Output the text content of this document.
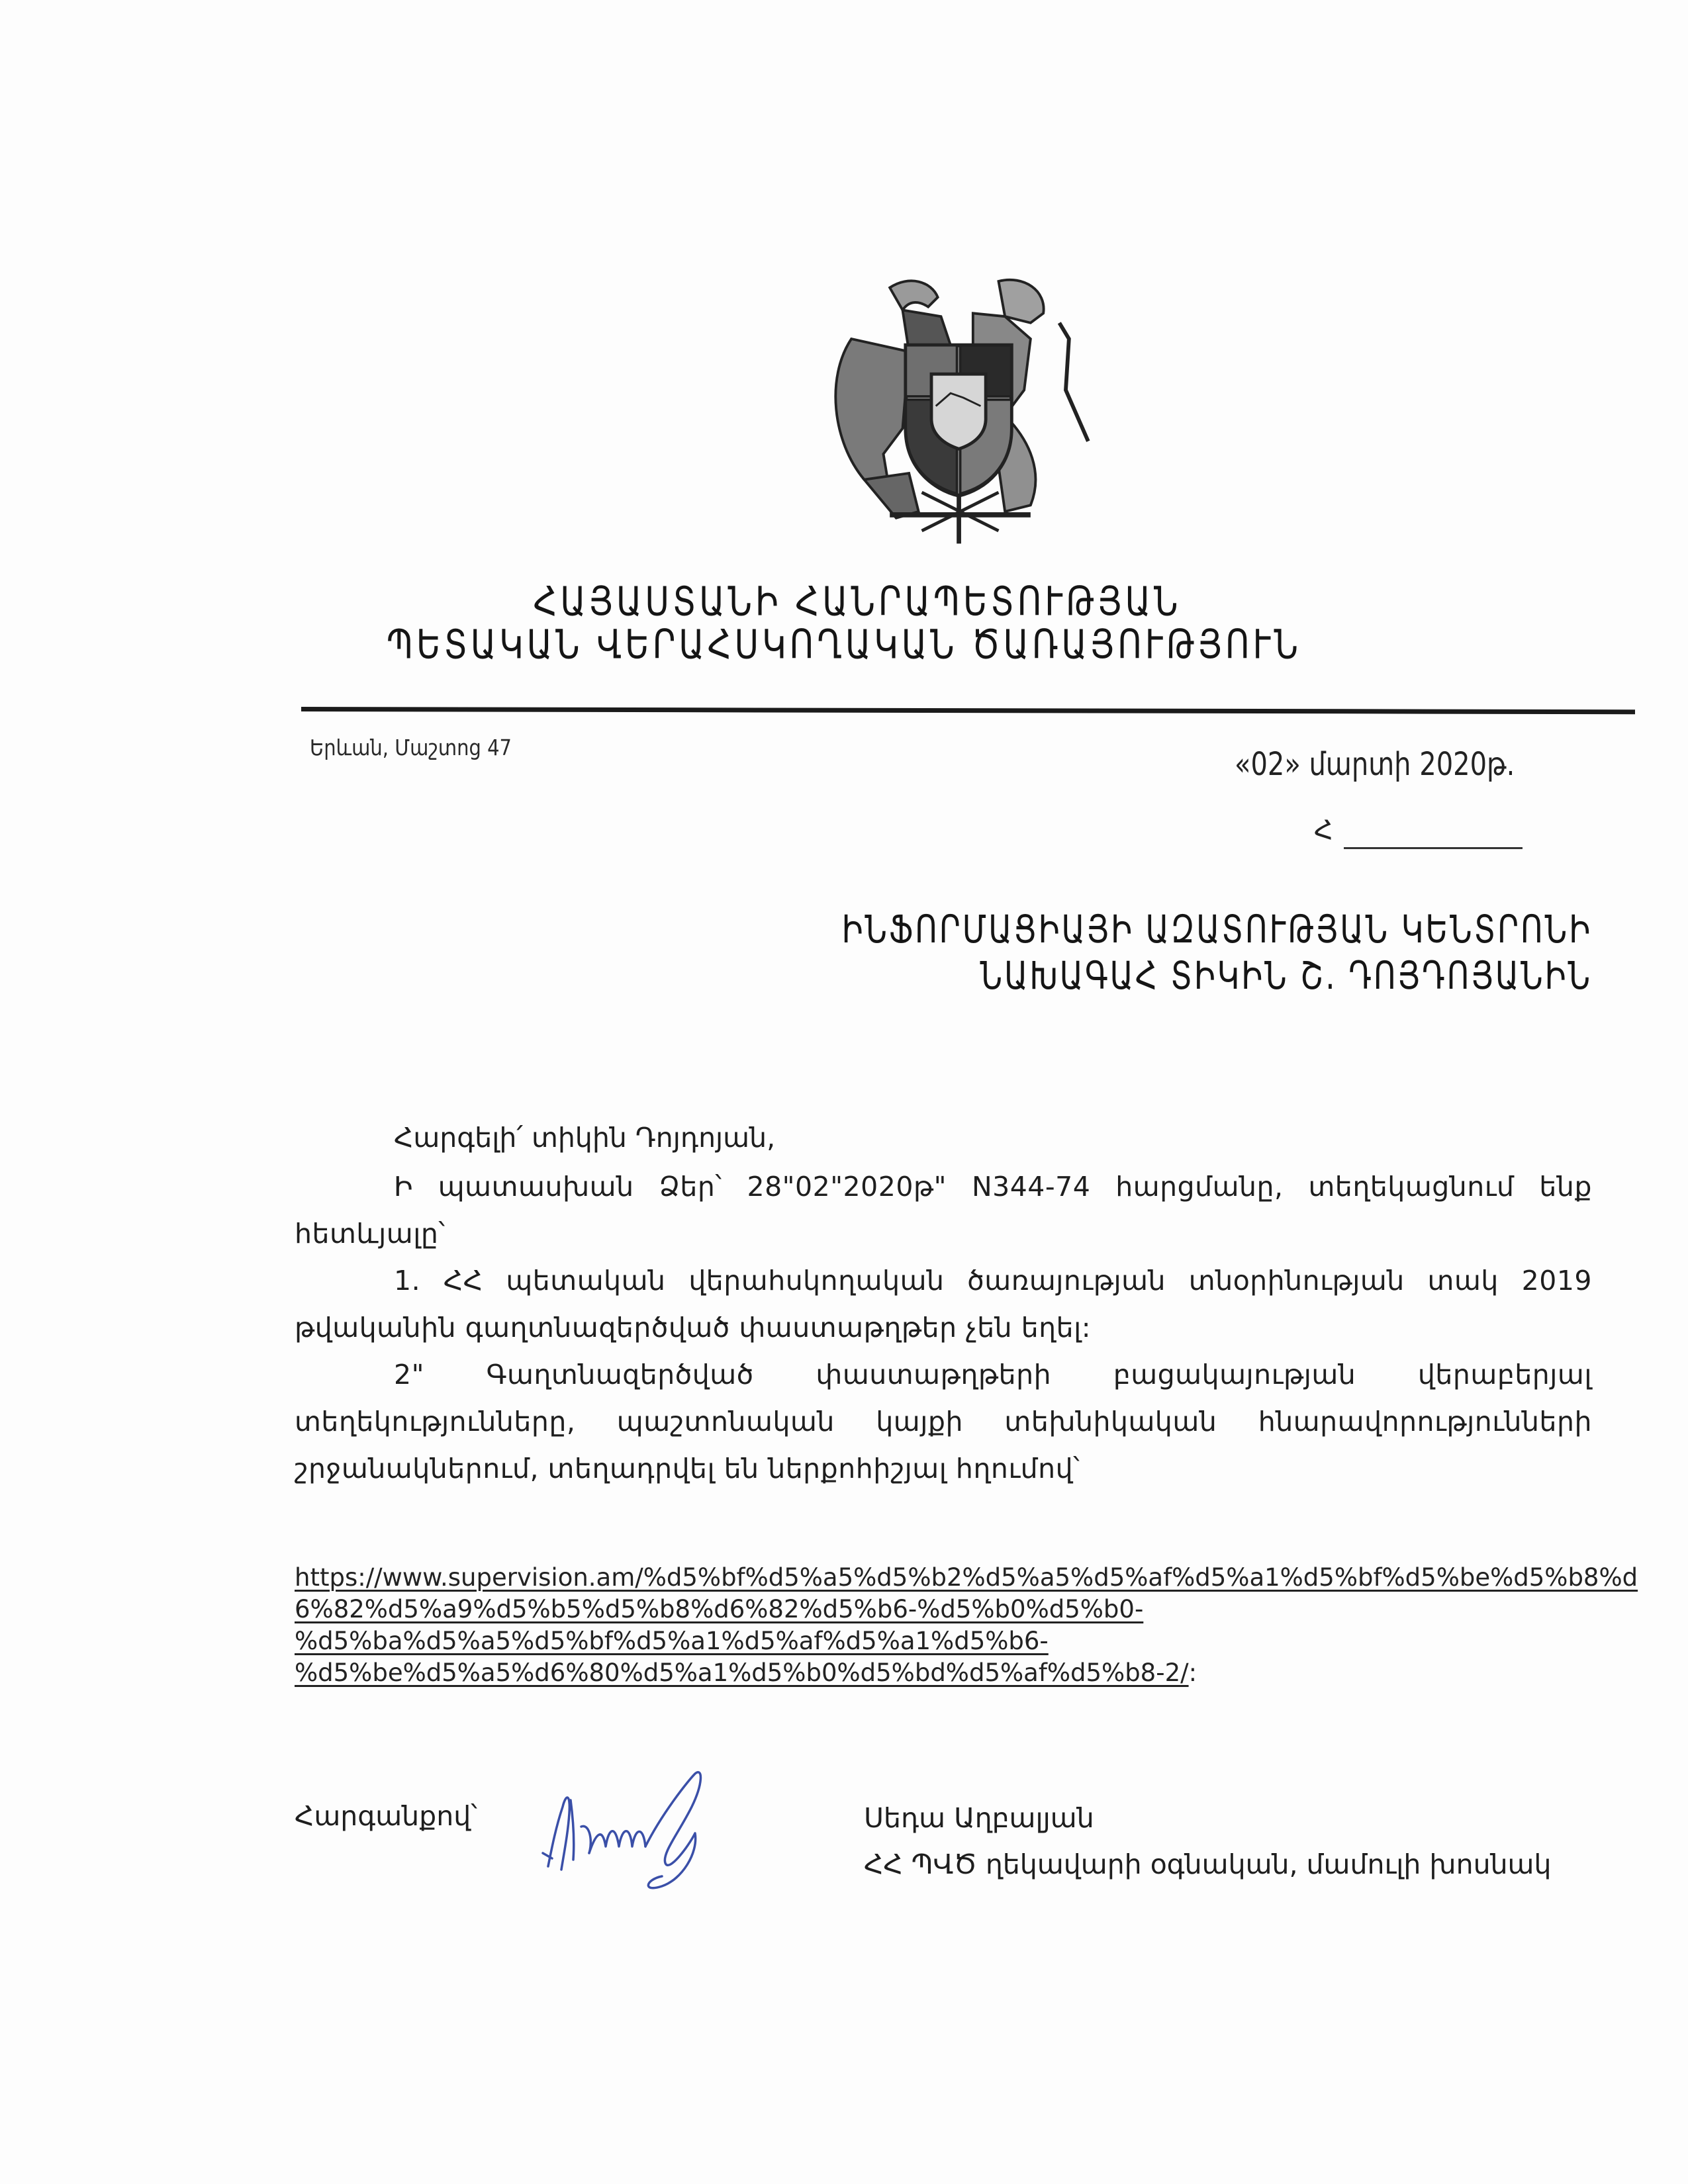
ՀԱՅԱՍՏԱՆԻ ՀԱՆՐԱՊԵՏՈՒԹՅԱՆ
ՊԵՏԱԿԱՆ ՎԵՐԱՀՍԿՈՂԱԿԱՆ ԾԱՌԱՅՈՒԹՅՈՒՆ
Երևան, Մաշտոց 47	«02» մարտի 2020թ.
Հ
ԻՆՖՈՐՄԱՑԻԱՅԻ ԱԶԱՏՈՒԹՅԱՆ ԿԵՆՏՐՈՆԻ
ՆԱԽԱԳԱՀ ՏԻԿԻՆ Շ. ԴՈՅԴՈՅԱՆԻՆ
Հարգելի՛ տիկին Դոյդոյան,

Ի պատասխան Ձեր՝ 28"02"2020թ" N344-74 հարցմանը, տեղեկացնում ենք հետևյալը՝

1. ՀՀ պետական վերահսկողական ծառայության տնօրինության տակ 2019 թվականին գաղտնազերծված փաստաթղթեր չեն եղել:

2" Գաղտնազերծված փաստաթղթերի բացակայության վերաբերյալ տեղեկությունները, պաշտոնական կայքի տեխնիկական հնարավորությունների շրջանակներում, տեղադրվել են ներքոհիշյալ հղումով՝

https://www.supervision.am/%d5%bf%d5%a5%d5%b2%d5%a5%d5%af%d5%a1%d5%bf%d5%be%d5%b8%d
6%82%d5%a9%d5%b5%d5%b8%d6%82%d5%b6-%d5%b0%d5%b0-
%d5%ba%d5%a5%d5%bf%d5%a1%d5%af%d5%a1%d5%b6-
%d5%be%d5%a5%d6%80%d5%a1%d5%b0%d5%bd%d5%af%d5%b8-2/:
Հարգանքով՝	Սեդա Աղբալյան
ՀՀ ՊՎԾ ղեկավարի օգնական, մամուլի խոսնակ
